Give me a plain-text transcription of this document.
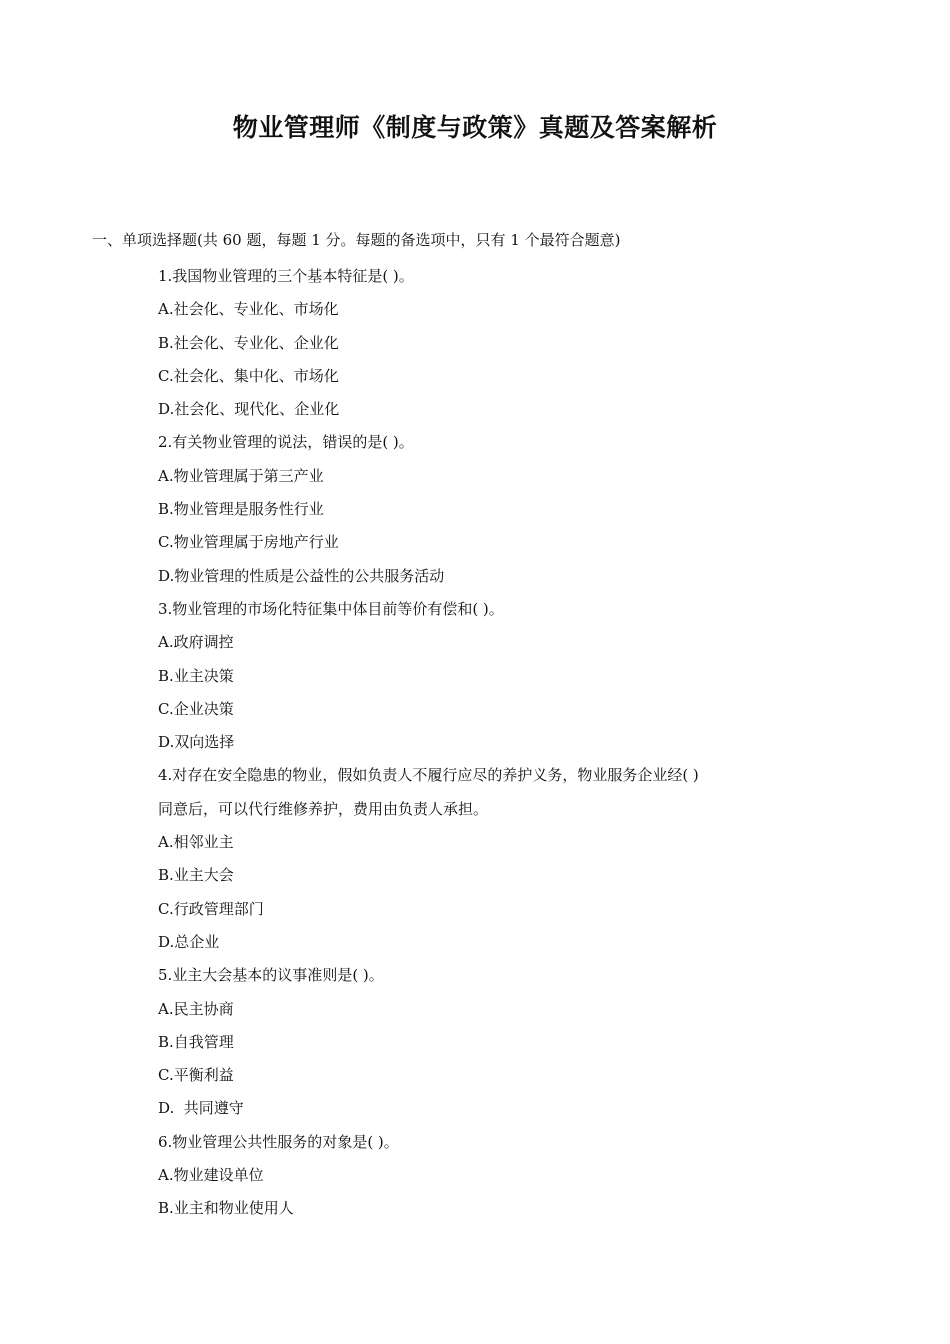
物业管理师《制度与政策》真题及答案解析
一、单项选择题(共 60 题，每题 1 分。每题的备选项中，只有 1 个最符合题意)
1.我国物业管理的三个基本特征是( )。
A.社会化、专业化、市场化
B.社会化、专业化、企业化
C.社会化、集中化、市场化
D.社会化、现代化、企业化
2.有关物业管理的说法，错误的是( )。
A.物业管理属于第三产业
B.物业管理是服务性行业
C.物业管理属于房地产行业
D.物业管理的性质是公益性的公共服务活动
3.物业管理的市场化特征集中体目前等价有偿和( )。
A.政府调控
B.业主决策
C.企业决策
D.双向选择
4.对存在安全隐患的物业，假如负责人不履行应尽的养护义务，物业服务企业经( )
同意后，可以代行维修养护，费用由负责人承担。
A.相邻业主
B.业主大会
C.行政管理部门
D.总企业
5.业主大会基本的议事准则是( )。
A.民主协商
B.自我管理
C.平衡利益
D.  共同遵守
6.物业管理公共性服务的对象是( )。
A.物业建设单位
B.业主和物业使用人
